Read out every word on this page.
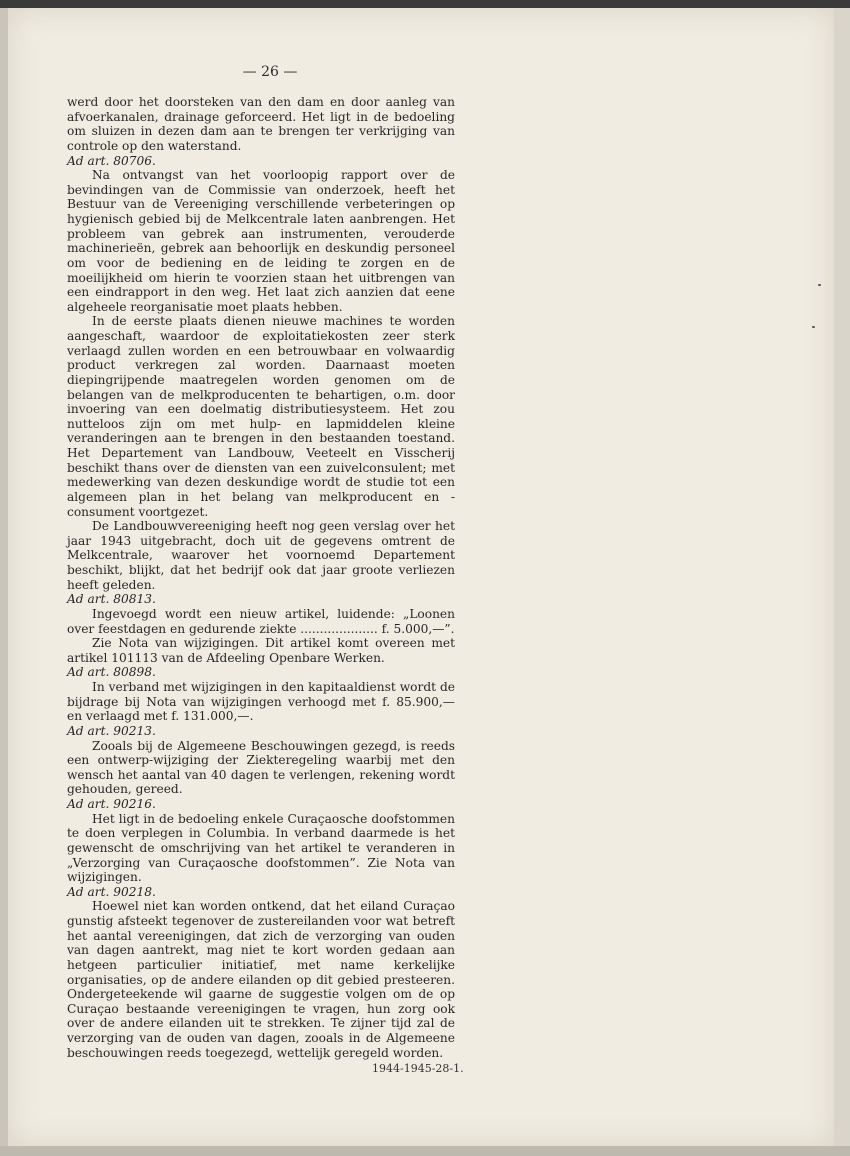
— 26 —

werd door het doorsteken van den dam en door aanleg van afvoerkanalen, drainage geforceerd. Het ligt in de bedoeling om sluizen in dezen dam aan te brengen ter verkrijging van controle op den waterstand.

Ad art. 80706.

Na ontvangst van het voorloopig rapport over de bevindingen van de Commissie van onderzoek, heeft het Bestuur van de Vereeniging verschillende verbeteringen op hygienisch gebied bij de Melkcentrale laten aanbrengen. Het probleem van gebrek aan instrumenten, verouderde machinerieën, gebrek aan behoorlijk en deskundig personeel om voor de bediening en de leiding te zorgen en de moeilijkheid om hierin te voorzien staan het uitbrengen van een eindrapport in den weg. Het laat zich aanzien dat eene algeheele reorganisatie moet plaats hebben.

In de eerste plaats dienen nieuwe machines te worden aangeschaft, waardoor de exploitatiekosten zeer sterk verlaagd zullen worden en een betrouwbaar en volwaardig product verkregen zal worden. Daarnaast moeten diepingrijpende maatregelen worden genomen om de belangen van de melkproducenten te behartigen, o.m. door invoering van een doelmatig distributiesysteem. Het zou nutteloos zijn om met hulp- en lapmiddelen kleine veranderingen aan te brengen in den bestaanden toestand. Het Departement van Landbouw, Veeteelt en Visscherij beschikt thans over de diensten van een zuivelconsulent; met medewerking van dezen deskundige wordt de studie tot een algemeen plan in het belang van melkproducent en -consument voortgezet.

De Landbouwvereeniging heeft nog geen verslag over het jaar 1943 uitgebracht, doch uit de gegevens omtrent de Melkcentrale, waarover het voornoemd Departement beschikt, blijkt, dat het bedrijf ook dat jaar groote verliezen heeft geleden.

Ad art. 80813.

Ingevoegd wordt een nieuw artikel, luidende: „Loonen over feestdagen en gedurende ziekte .................... f. 5.000,—”.

Zie Nota van wijzigingen. Dit artikel komt overeen met artikel 101113 van de Afdeeling Openbare Werken.

Ad art. 80898.

In verband met wijzigingen in den kapitaaldienst wordt de bijdrage bij Nota van wijzigingen verhoogd met f. 85.900,— en verlaagd met f. 131.000,—.

Ad art. 90213.

Zooals bij de Algemeene Beschouwingen gezegd, is reeds een ontwerp-wijziging der Ziekteregeling waarbij met den wensch het aantal van 40 dagen te verlengen, rekening wordt gehouden, gereed.

Ad art. 90216.

Het ligt in de bedoeling enkele Curaçaosche doofstommen te doen verplegen in Columbia. In verband daarmede is het gewenscht de omschrijving van het artikel te veranderen in „Verzorging van Curaçaosche doofstommen”. Zie Nota van wijzigingen.

Ad art. 90218.

Hoewel niet kan worden ontkend, dat het eiland Curaçao gunstig afsteekt tegenover de zustereilanden voor wat betreft het aantal vereenigingen, dat zich de verzorging van ouden van dagen aantrekt, mag niet te kort worden gedaan aan hetgeen particulier initiatief, met name kerkelijke organisaties, op de andere eilanden op dit gebied presteeren. Ondergeteekende wil gaarne de suggestie volgen om de op Curaçao bestaande vereenigingen te vragen, hun zorg ook over de andere eilanden uit te strekken. Te zijner tijd zal de verzorging van de ouden van dagen, zooals in de Algemeene beschouwingen reeds toegezegd, wettelijk geregeld worden.

1944-1945-28-1.
